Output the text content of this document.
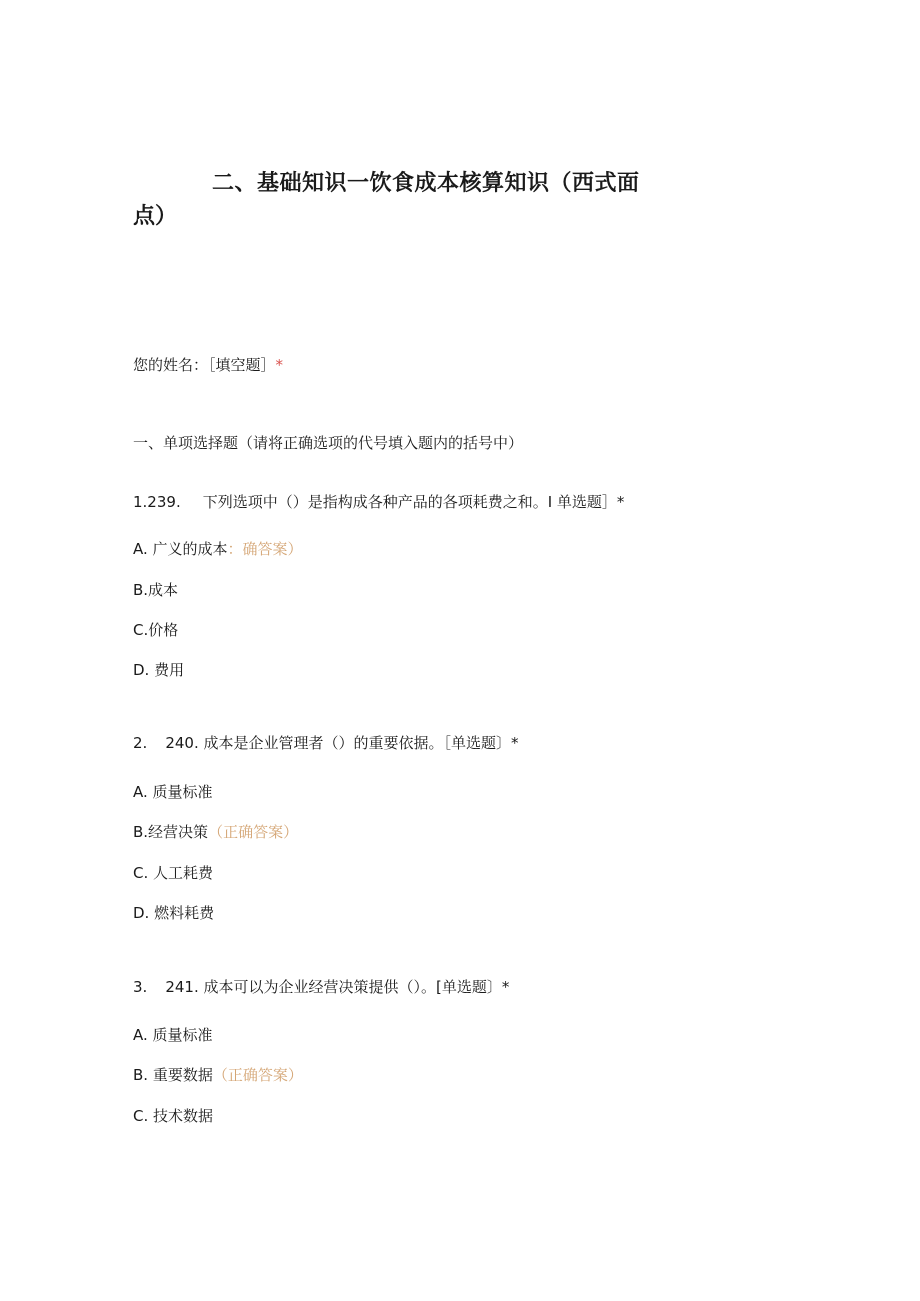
二、基础知识一饮食成本核算知识（西式面
点）
您的姓名：［填空题］*
一、单项选择题（请将正确选项的代号填入题内的括号中）
1.239. 下列选项中（）是指构成各种产品的各项耗费之和。I 单选题］*
A. 广义的成本：确答案）
B.成本
C.价格
D. 费用
2. 240. 成本是企业管理者（）的重要依据。［单选题〕*
A. 质量标准
B.经营决策（正确答案）
C. 人工耗费
D. 燃料耗费
3. 241. 成本可以为企业经营决策提供（）。[单选题〕*
A. 质量标准
B. 重要数据（正确答案）
C. 技术数据
